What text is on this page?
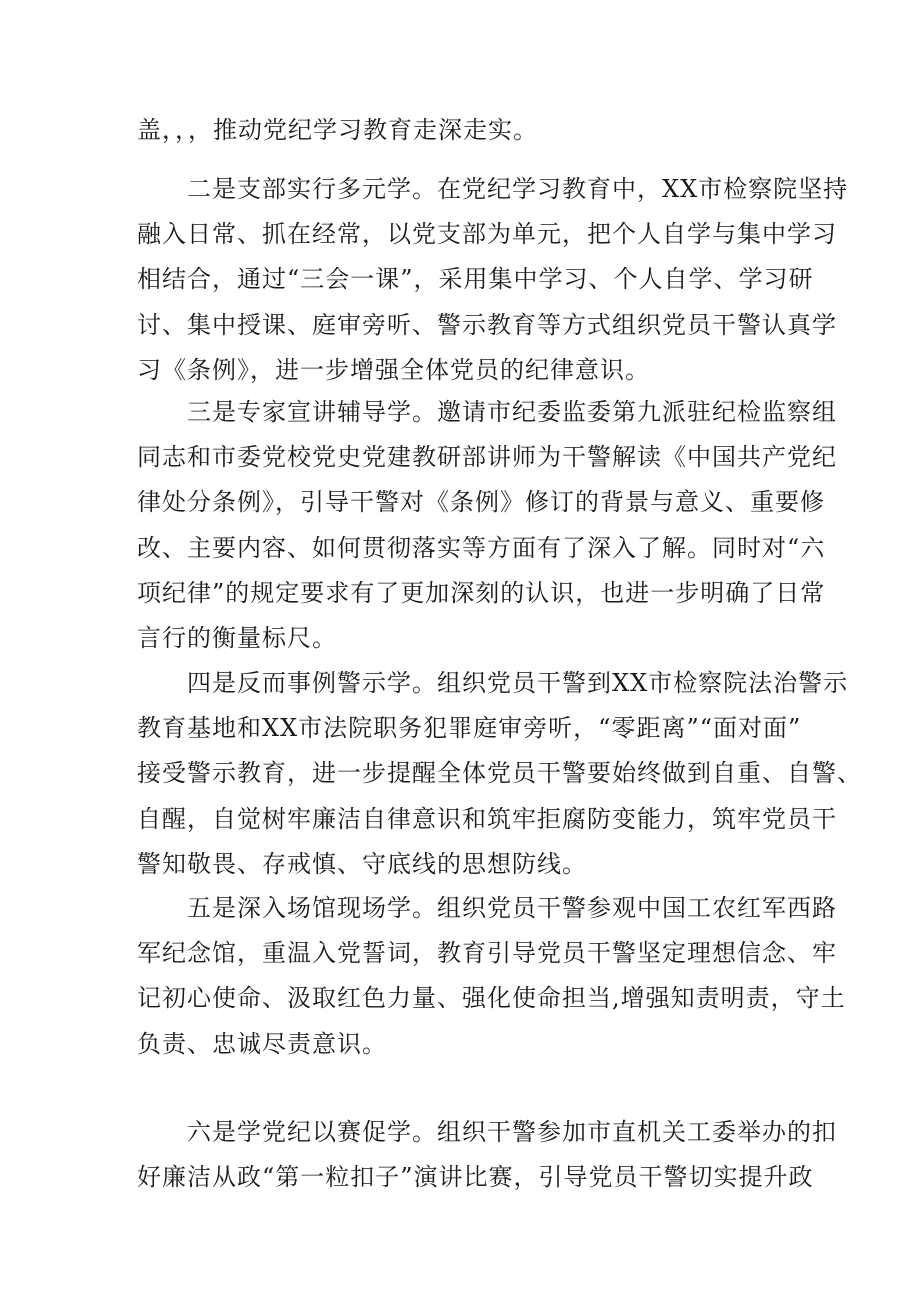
盖，，，推动党纪学习教育走深走实。
二是支部实行多元学。在党纪学习教育中，XX市检察院坚持
融入日常、抓在经常，以党支部为单元，把个人自学与集中学习
相结合，通过“三会一课”，采用集中学习、个人自学、学习研
讨、集中授课、庭审旁听、警示教育等方式组织党员干警认真学
习《条例》，进一步增强全体党员的纪律意识。
三是专家宣讲辅导学。邀请市纪委监委第九派驻纪检监察组
同志和市委党校党史党建教研部讲师为干警解读《中国共产党纪
律处分条例》，引导干警对《条例》修订的背景与意义、重要修
改、主要内容、如何贯彻落实等方面有了深入了解。同时对“六
项纪律”的规定要求有了更加深刻的认识，也进一步明确了日常
言行的衡量标尺。
四是反而事例警示学。组织党员干警到XX市检察院法治警示
教育基地和XX市法院职务犯罪庭审旁听，“零距离”“面对面”
接受警示教育，进一步提醒全体党员干警要始终做到自重、自警、
自醒，自觉树牢廉洁自律意识和筑牢拒腐防变能力，筑牢党员干
警知敬畏、存戒慎、守底线的思想防线。
五是深入场馆现场学。组织党员干警参观中国工农红军西路
军纪念馆，重温入党誓词，教育引导党员干警坚定理想信念、牢
记初心使命、汲取红色力量、强化使命担当,增强知责明责，守土
负责、忠诚尽责意识。
六是学党纪以赛促学。组织干警参加市直机关工委举办的扣
好廉洁从政“第一粒扣子”演讲比赛，引导党员干警切实提升政
